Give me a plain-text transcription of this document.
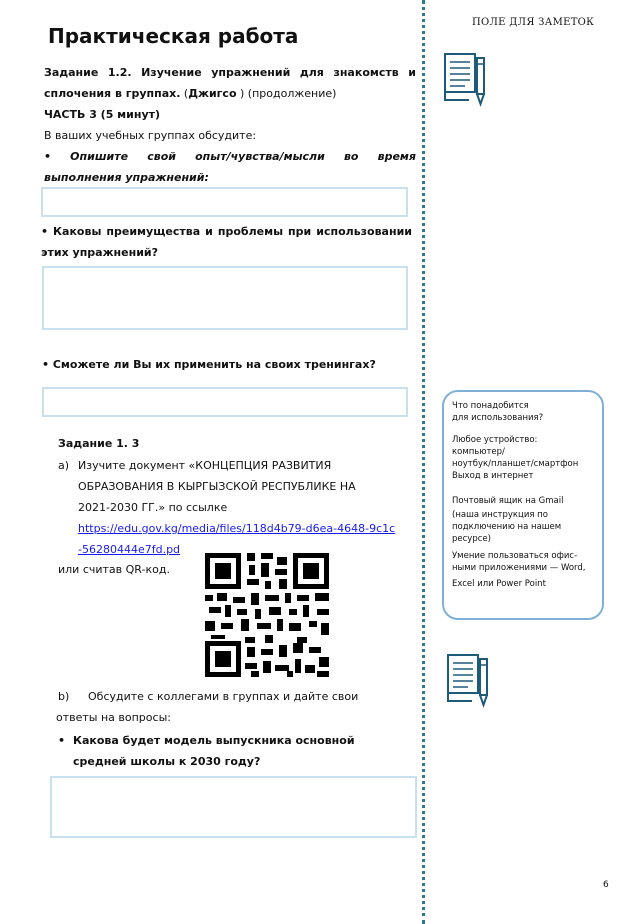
Практическая работа
Задание 1.2. Изучение упражнений для знакомств и сплочения в группах. (Джигсо ) (продолжение)
ЧАСТЬ 3 (5 минут)
В ваших учебных группах обсудите:
• Опишите свой опыт/чувства/мысли во время выполнения упражнений:
• Каковы преимущества и проблемы при использовании этих упражнений?
• Сможете ли Вы их применить на своих тренингах?
Задание 1. 3
a) Изучите документ «КОНЦЕПЦИЯ РАЗВИТИЯ ОБРАЗОВАНИЯ В КЫРГЫЗСКОЙ РЕСПУБЛИКЕ НА 2021-2030 ГГ.» по ссылке
https://edu.gov.kg/media/files/118d4b79-d6ea-4648-9c1c-56280444e7fd.pd
или считав QR-код.
b)	Обсудите с коллегами в группах и дайте свои ответы на вопросы:
• Какова будет модель выпускника основной средней школы к 2030 году?
ПОЛЕ ДЛЯ ЗАМЕТОК
Что понадобится
для использования?
Любое устройство:
компьютер/
ноутбук/планшет/смартфон
Выход в интернет
Почтовый ящик на Gmail
(наша инструкция по подключению на нашем ресурсе)
Умение пользоваться офис-ными приложениями — Word,
Excel или Power Point
6
